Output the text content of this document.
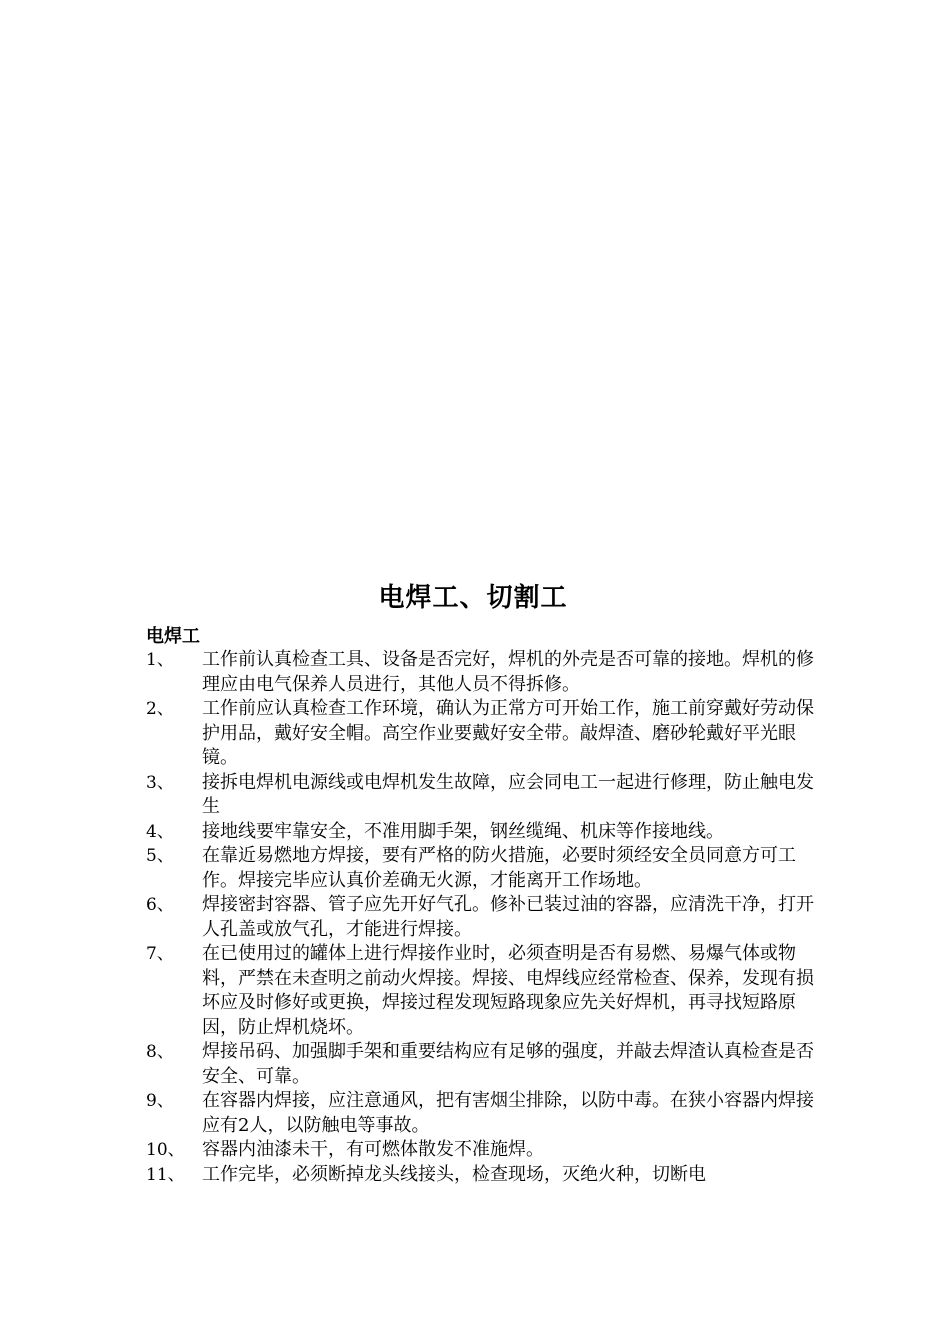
电焊工、切割工
电焊工
1、	工作前认真检查工具、设备是否完好，焊机的外壳是否可靠的接地。焊机的修理应由电气保养人员进行，其他人员不得拆修。
2、	工作前应认真检查工作环境，确认为正常方可开始工作，施工前穿戴好劳动保护用品，戴好安全帽。高空作业要戴好安全带。敲焊渣、磨砂轮戴好平光眼镜。
3、	接拆电焊机电源线或电焊机发生故障，应会同电工一起进行修理，防止触电发生
4、	接地线要牢靠安全，不准用脚手架，钢丝缆绳、机床等作接地线。
5、	在靠近易燃地方焊接，要有严格的防火措施，必要时须经安全员同意方可工作。焊接完毕应认真价差确无火源，才能离开工作场地。
6、	焊接密封容器、管子应先开好气孔。修补已装过油的容器，应清洗干净，打开人孔盖或放气孔，才能进行焊接。
7、	在已使用过的罐体上进行焊接作业时，必须查明是否有易燃、易爆气体或物料，严禁在未查明之前动火焊接。焊接、电焊线应经常检查、保养，发现有损坏应及时修好或更换，焊接过程发现短路现象应先关好焊机，再寻找短路原因，防止焊机烧坏。
8、	焊接吊码、加强脚手架和重要结构应有足够的强度，并敲去焊渣认真检查是否安全、可靠。
9、	在容器内焊接，应注意通风，把有害烟尘排除，以防中毒。在狭小容器内焊接应有2人，以防触电等事故。
10、 容器内油漆未干，有可燃体散发不准施焊。
11、 工作完毕，必须断掉龙头线接头，检查现场，灭绝火种，切断电
